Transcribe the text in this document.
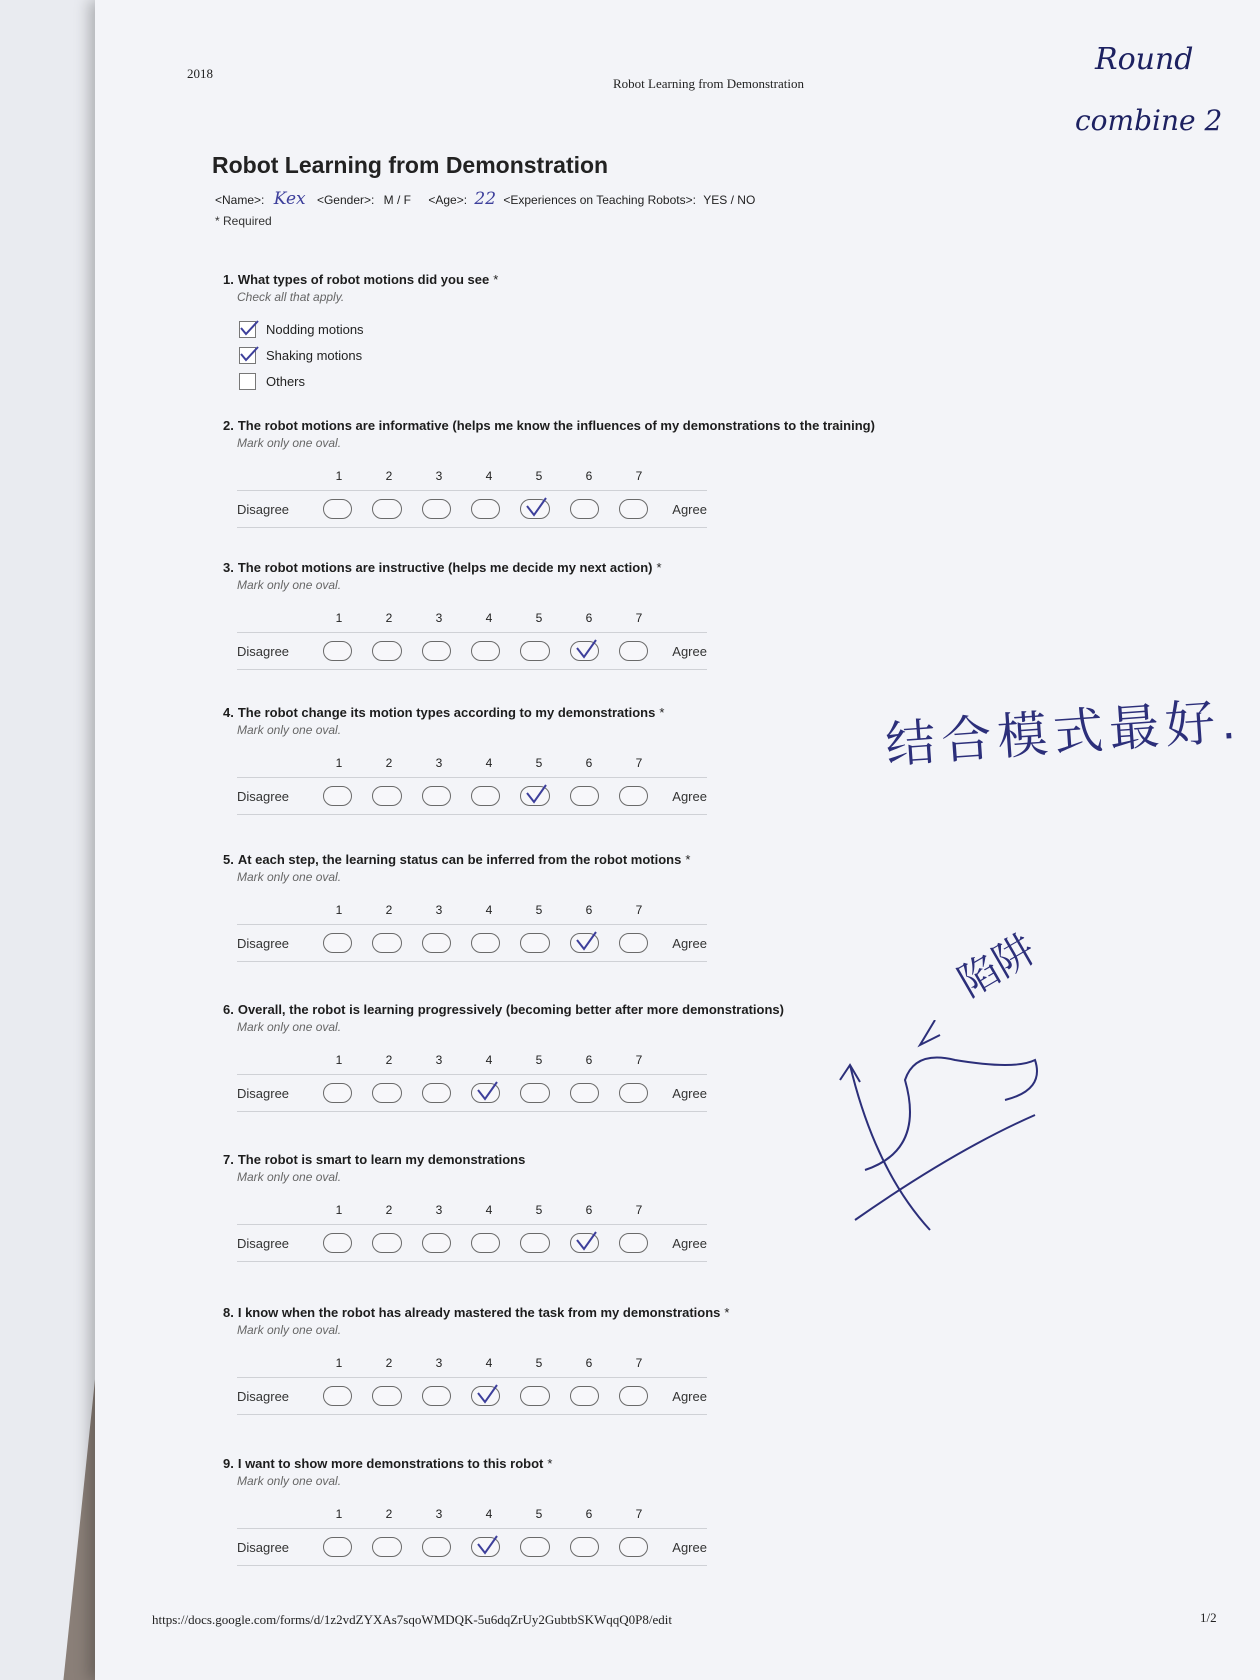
2018
Robot Learning from Demonstration
Robot Learning from Demonstration
<Name>: Kex <Gender>: M / F <Age>: 22 <Experiences on Teaching Robots>: YES / NO
* Required
1. What types of robot motions did you see *
Check all that apply.
Nodding motions
Shaking motions
Others
2. The robot motions are informative (helps me know the influences of my demonstrations to the training)
Mark only one oval.
1	2	3	4	5	6	7
Disagree	Agree
3. The robot motions are instructive (helps me decide my next action) *
Mark only one oval.
1	2	3	4	5	6	7
Disagree	Agree
4. The robot change its motion types according to my demonstrations *
Mark only one oval.
1	2	3	4	5	6	7
Disagree	Agree
5. At each step, the learning status can be inferred from the robot motions *
Mark only one oval.
1	2	3	4	5	6	7
Disagree	Agree
6. Overall, the robot is learning progressively (becoming better after more demonstrations)
Mark only one oval.
1	2	3	4	5	6	7
Disagree	Agree
7. The robot is smart to learn my demonstrations
Mark only one oval.
1	2	3	4	5	6	7
Disagree	Agree
8. I know when the robot has already mastered the task from my demonstrations *
Mark only one oval.
1	2	3	4	5	6	7
Disagree	Agree
9. I want to show more demonstrations to this robot *
Mark only one oval.
1	2	3	4	5	6	7
Disagree	Agree
https://docs.google.com/forms/d/1z2vdZYXAs7sqoWMDQK-5u6dqZrUy2GubtbSKWqqQ0P8/edit	1/2
Round
combine 2
结合模式最好.
陷阱
